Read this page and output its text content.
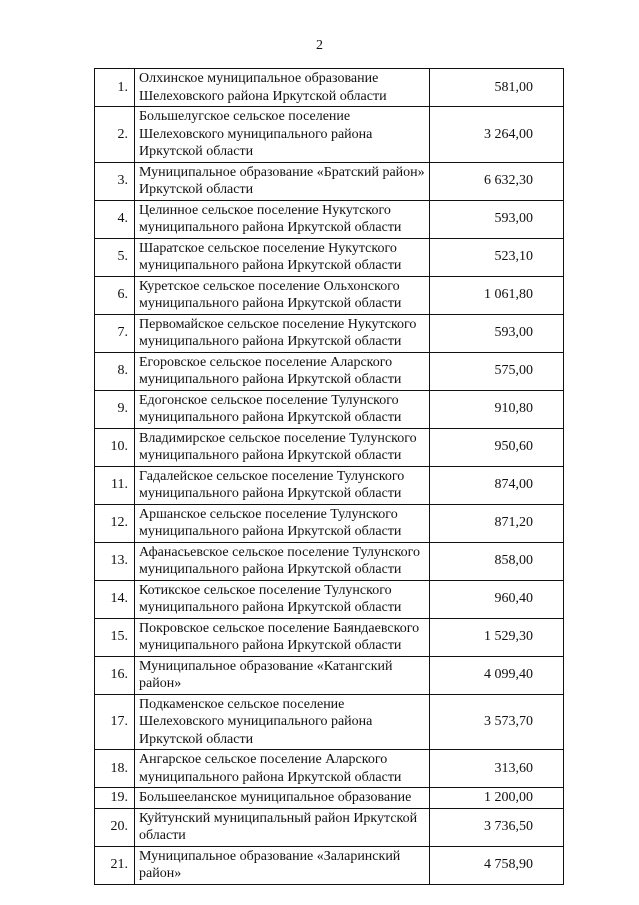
2
1.	Олхинское муниципальное образование
Шелеховского района Иркутской области	581,00
2.	Большелугское сельское поселение
Шелеховского муниципального района
Иркутской области	3 264,00
3.	Муниципальное образование «Братский район»
Иркутской области	6 632,30
4.	Целинное сельское поселение Нукутского
муниципального района Иркутской области	593,00
5.	Шаратское сельское поселение Нукутского
муниципального района Иркутской области	523,10
6.	Куретское сельское поселение Ольхонского
муниципального района Иркутской области	1 061,80
7.	Первомайское сельское поселение Нукутского
муниципального района Иркутской области	593,00
8.	Егоровское сельское поселение Аларского
муниципального района Иркутской области	575,00
9.	Едогонское сельское поселение Тулунского
муниципального района Иркутской области	910,80
10.	Владимирское сельское поселение Тулунского
муниципального района Иркутской области	950,60
11.	Гадалейское сельское поселение Тулунского
муниципального района Иркутской области	874,00
12.	Аршанское сельское поселение Тулунского
муниципального района Иркутской области	871,20
13.	Афанасьевское сельское поселение Тулунского
муниципального района Иркутской области	858,00
14.	Котикское сельское поселение Тулунского
муниципального района Иркутской области	960,40
15.	Покровское сельское поселение Баяндаевского
муниципального района Иркутской области	1 529,30
16.	Муниципальное образование «Катангский
район»	4 099,40
17.	Подкаменское сельское поселение
Шелеховского муниципального района
Иркутской области	3 573,70
18.	Ангарское сельское поселение Аларского
муниципального района Иркутской области	313,60
19.	Большееланское муниципальное образование	1 200,00
20.	Куйтунский муниципальный район Иркутской
области	3 736,50
21.	Муниципальное образование «Заларинский
район»	4 758,90
